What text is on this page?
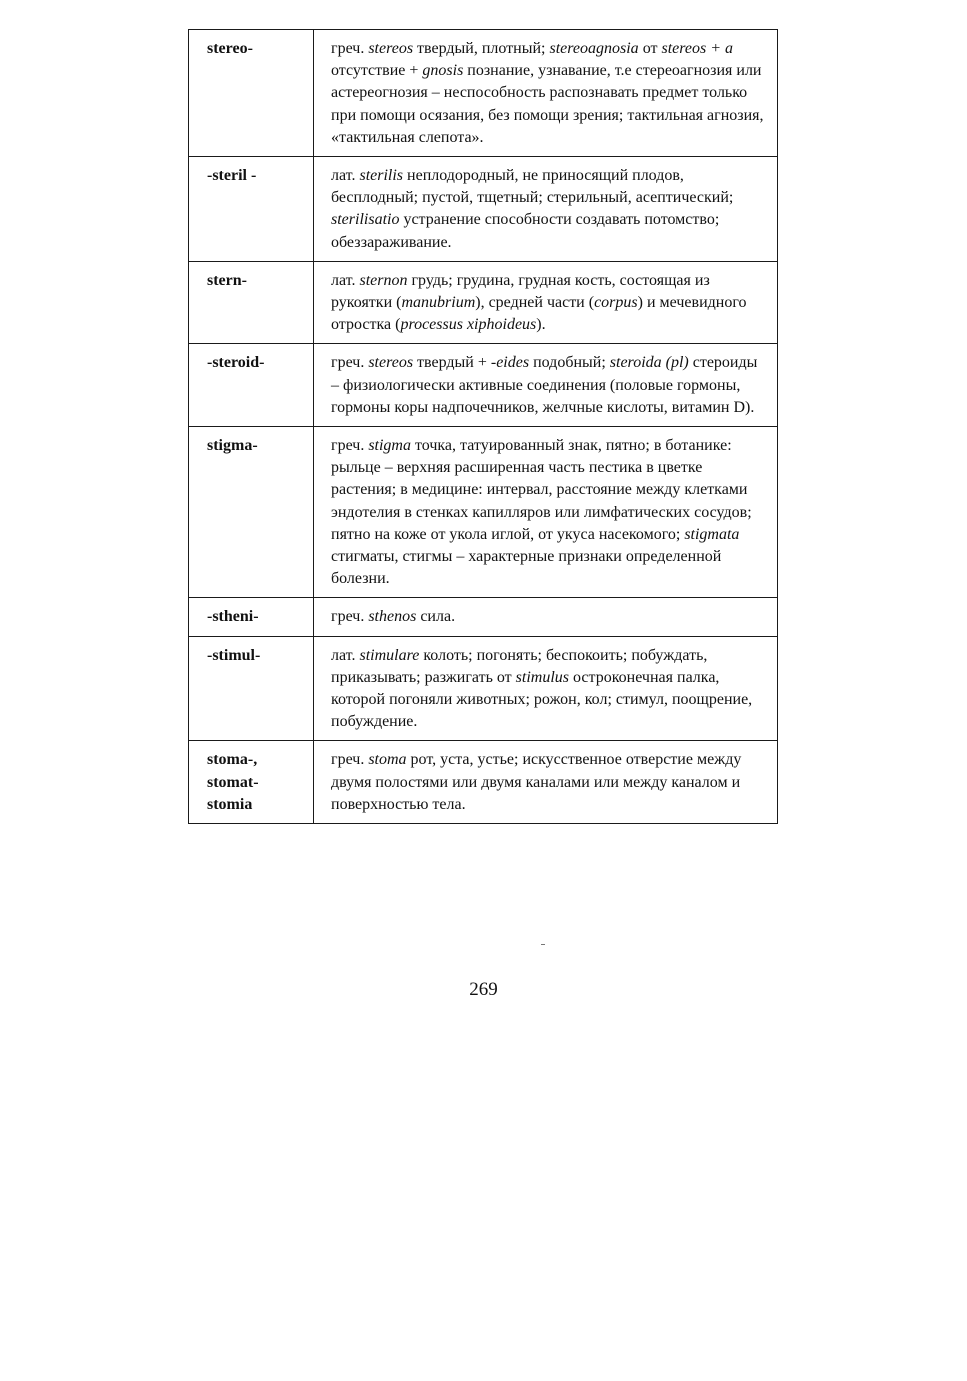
stereo-	греч. stereos твердый, плотный; stereoagnosia от stereos + a отсутствие + gnosis познание, узнавание, т.е стереоагнозия или астереогнозия – неспособность распознавать предмет только при помощи осязания, без помощи зрения; тактильная агнозия, «тактильная слепота».

-steril -	лат. sterilis неплодородный, не приносящий плодов, бесплодный; пустой, тщетный; стерильный, асептический; sterilisatio устранение способности создавать потомство; обеззараживание.

stern-	лат. sternon грудь; грудина, грудная кость, состоящая из рукоятки (manubrium), средней части (corpus) и мечевидного отростка (processus xiphoideus).

-steroid-	греч. stereos твердый + -eides подобный; steroida (pl) стероиды – физиологически активные соединения (половые гормоны, гормоны коры надпочечников, желчные кислоты, витамин D).

stigma-	греч. stigma точка, татуированный знак, пятно; в ботанике: рыльце – верхняя расширенная часть пестика в цветке растения; в медицине: интервал, расстояние между клетками эндотелия в стенках капилляров или лимфатических сосудов; пятно на коже от укола иглой, от укуса насекомого; stigmata стигматы, стигмы – характерные признаки определенной болезни.

-stheni-	греч. sthenos сила.

-stimul-	лат. stimulare колоть; погонять; беспокоить; побуждать, приказывать; разжигать от stimulus остроконечная палка, которой погоняли животных; рожон, кол; стимул, поощрение, побуждение.

stoma-,
stomat-
stomia	греч. stoma рот, уста, устье; искусственное отверстие между двумя полостями или двумя каналами или между каналом и поверхностью тела.
269
